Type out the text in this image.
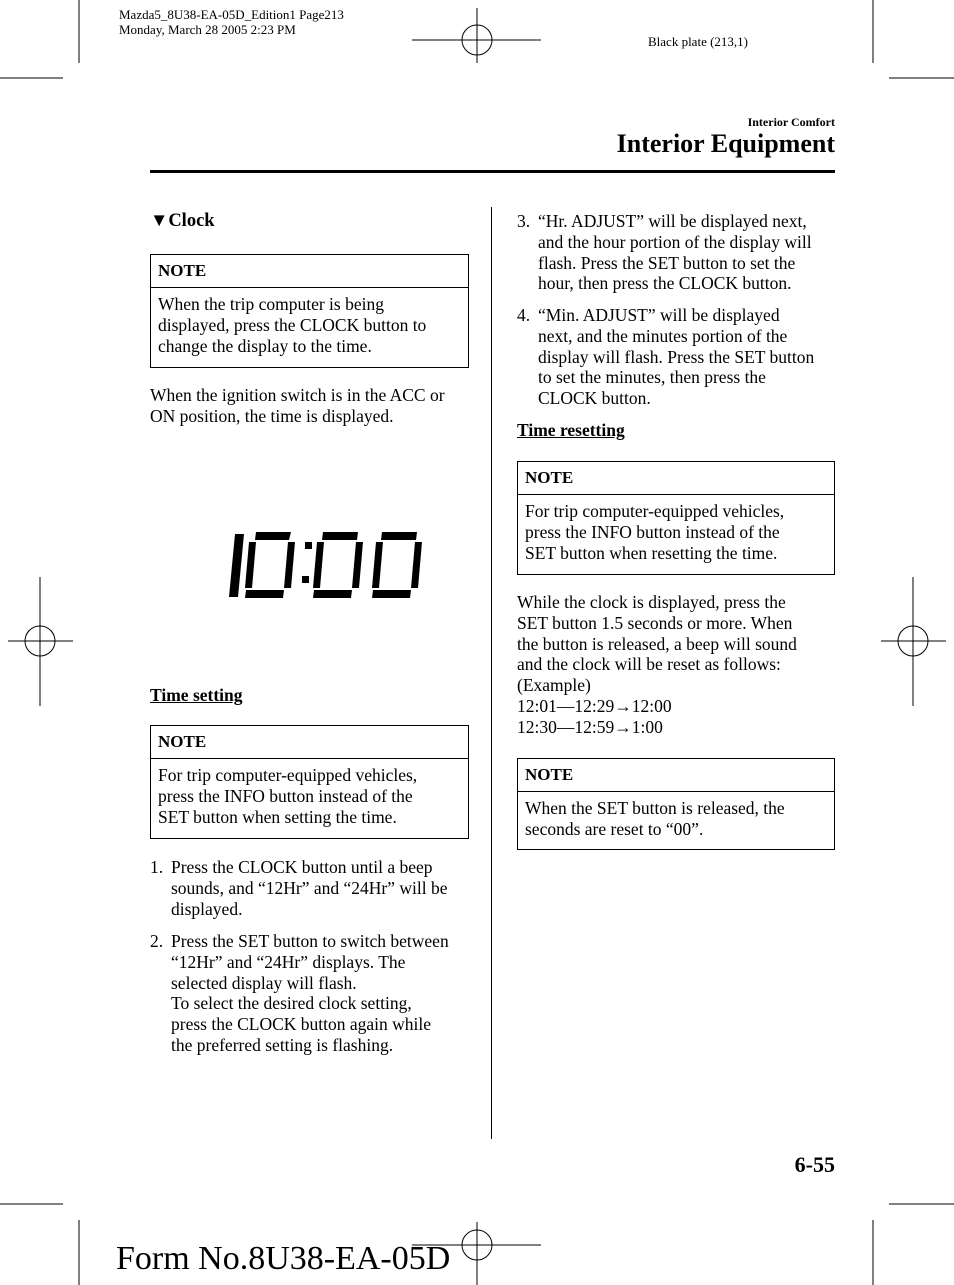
Mazda5_8U38-EA-05D_Edition1 Page213
Monday, March 28 2005 2:23 PM
Black plate (213,1)
Interior Comfort
Interior Equipment
▼Clock
NOTE
When the trip computer is being
displayed, press the CLOCK button to
change the display to the time.
When the ignition switch is in the ACC or
ON position, the time is displayed.
Time setting
NOTE
For trip computer-equipped vehicles,
press the INFO button instead of the
SET button when setting the time.
1. Press the CLOCK button until a beep
sounds, and “12Hr” and “24Hr” will be
displayed.
2. Press the SET button to switch between
“12Hr” and “24Hr” displays. The
selected display will flash.
To select the desired clock setting,
press the CLOCK button again while
the preferred setting is flashing.
3. “Hr. ADJUST” will be displayed next,
and the hour portion of the display will
flash. Press the SET button to set the
hour, then press the CLOCK button.
4. “Min. ADJUST” will be displayed
next, and the minutes portion of the
display will flash. Press the SET button
to set the minutes, then press the
CLOCK button.
Time resetting
NOTE
For trip computer-equipped vehicles,
press the INFO button instead of the
SET button when resetting the time.
While the clock is displayed, press the
SET button 1.5 seconds or more. When
the button is released, a beep will sound
and the clock will be reset as follows:
(Example)
12:01―12:29→12:00
12:30―12:59→1:00
NOTE
When the SET button is released, the
seconds are reset to “00”.
6-55
Form No.8U38-EA-05D
